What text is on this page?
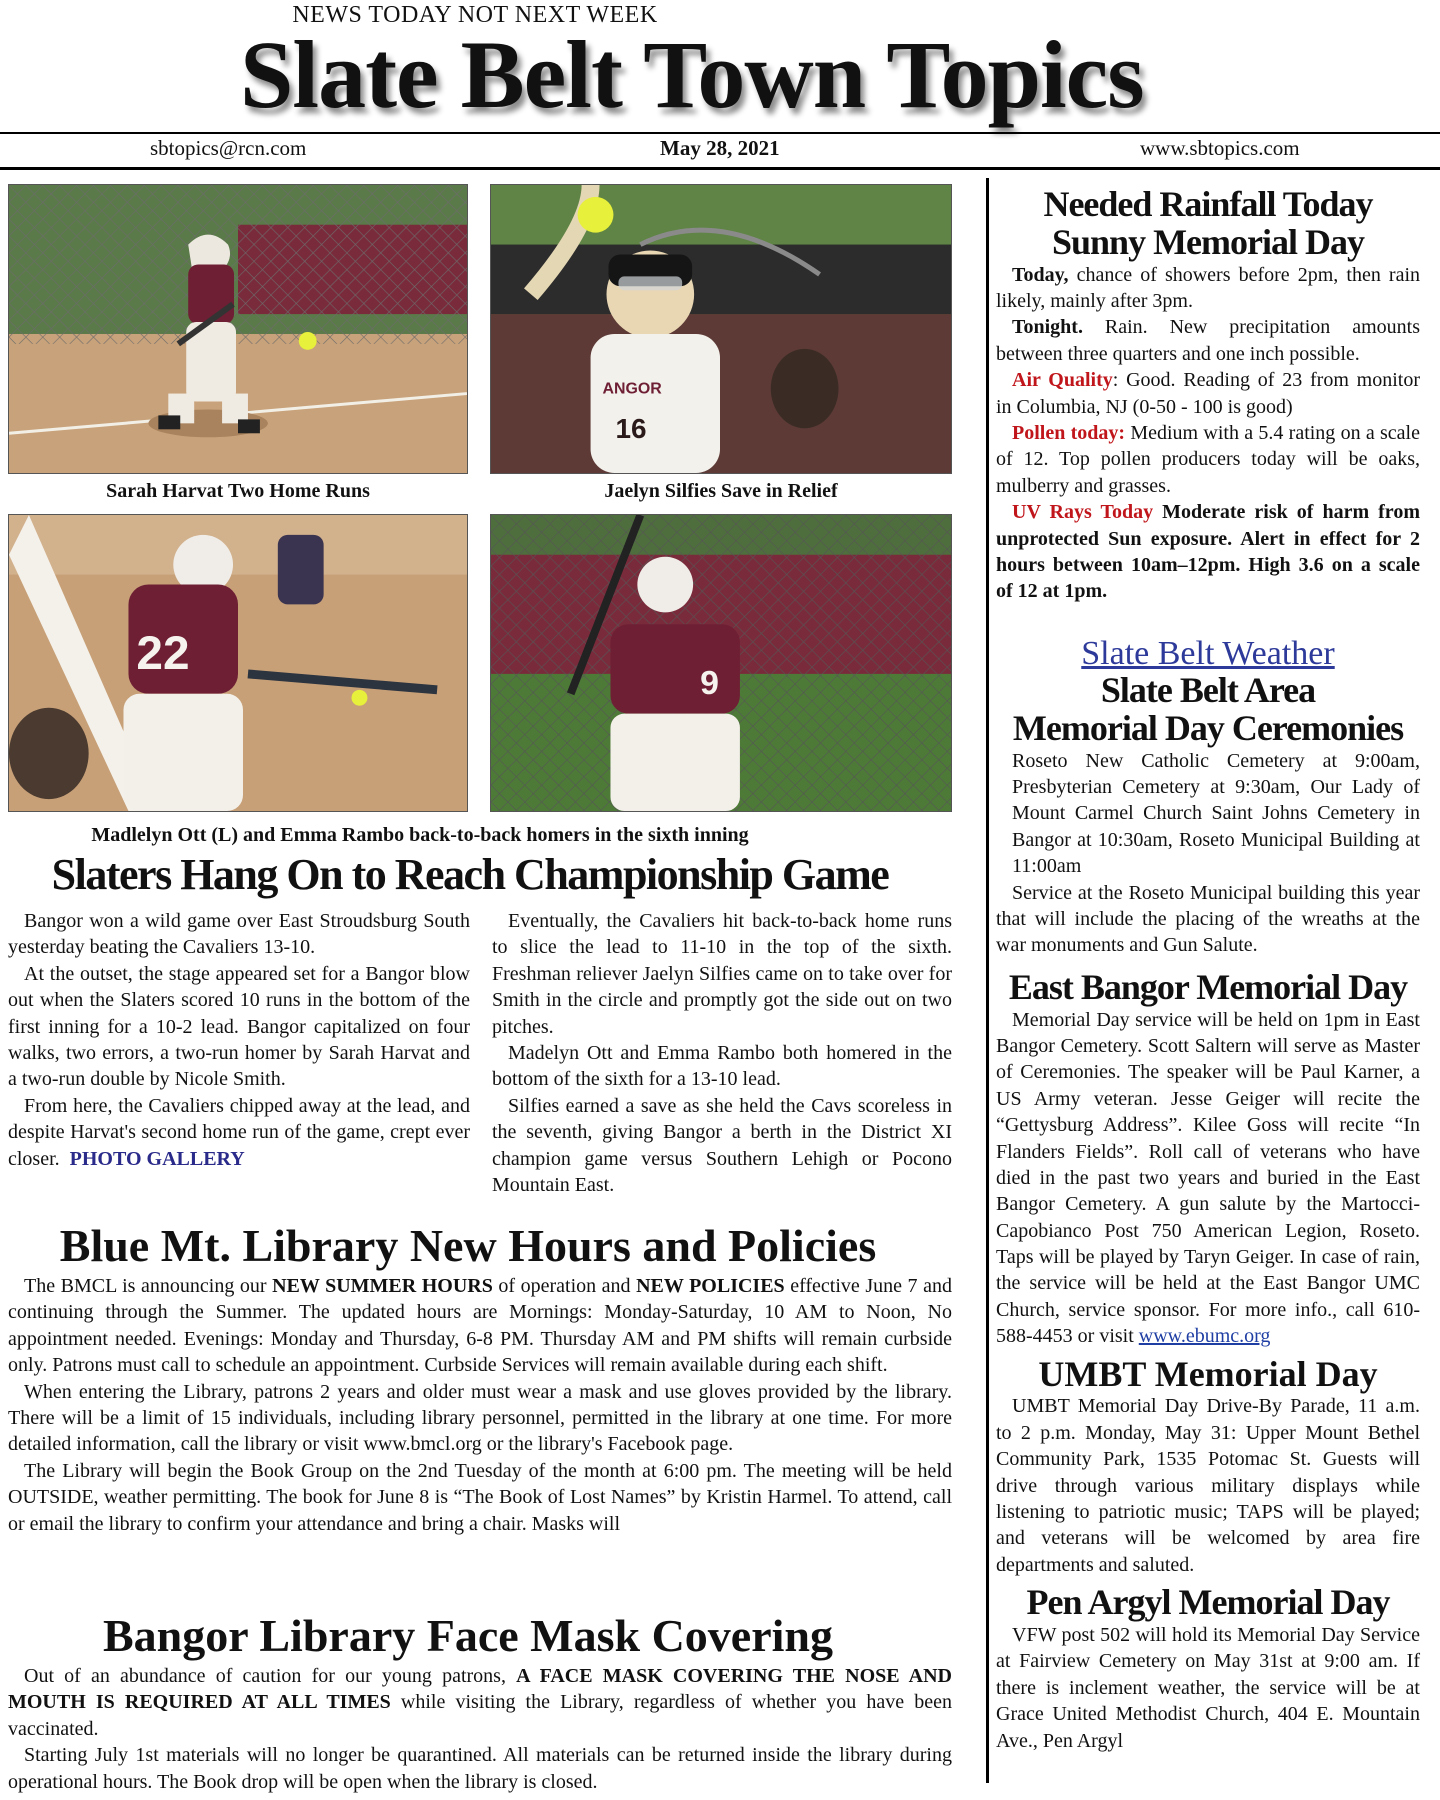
NEWS TODAY NOT NEXT WEEK
Slate Belt Town Topics
sbtopics@rcn.com	May 28, 2021	www.sbtopics.com
Sarah Harvat Two Home Runs
ANGOR
16
Jaelyn Silfies Save in Relief
22
9
Madlelyn Ott (L) and Emma Rambo back-to-back homers in the sixth inning
Slaters Hang On to Reach Championship Game

Bangor won a wild game over East Stroudsburg South yesterday beating the Cavaliers 13-10.

At the outset, the stage appeared set for a Bangor blow out when the Slaters scored 10 runs in the bottom of the first inning for a 10-2 lead. Bangor capitalized on four walks, two errors, a two-run homer by Sarah Harvat and a two-run double by Nicole Smith.

From here, the Cavaliers chipped away at the lead, and despite Harvat's second home run of the game, crept ever closer. PHOTO GALLERY

Eventually, the Cavaliers hit back-to-back home runs to slice the lead to 11-10 in the top of the sixth. Freshman reliever Jaelyn Silfies came on to take over for Smith in the circle and promptly got the side out on two pitches.

Madelyn Ott and Emma Rambo both homered in the bottom of the sixth for a 13-10 lead.

Silfies earned a save as she held the Cavs scoreless in the seventh, giving Bangor a berth in the District XI champion game versus Southern Lehigh or Pocono Mountain East.

Blue Mt. Library New Hours and Policies

The BMCL is announcing our NEW SUMMER HOURS of operation and NEW POLICIES effective June 7 and continuing through the Summer. The updated hours are Mornings: Monday-Saturday, 10 AM to Noon, No appointment needed. Evenings: Monday and Thursday, 6-8 PM. Thursday AM and PM shifts will remain curbside only. Patrons must call to schedule an appointment. Curbside Services will remain available during each shift.

When entering the Library, patrons 2 years and older must wear a mask and use gloves provided by the library. There will be a limit of 15 individuals, including library personnel, permitted in the library at one time. For more detailed information, call the library or visit www.bmcl.org or the library's Facebook page.

The Library will begin the Book Group on the 2nd Tuesday of the month at 6:00 pm. The meeting will be held OUTSIDE, weather permitting. The book for June 8 is “The Book of Lost Names” by Kristin Harmel. To attend, call or email the library to confirm your attendance and bring a chair. Masks will

Bangor Library Face Mask Covering

Out of an abundance of caution for our young patrons, A FACE MASK COVERING THE NOSE AND MOUTH IS REQUIRED AT ALL TIMES while visiting the Library, regardless of whether you have been vaccinated.

Starting July 1st materials will no longer be quarantined. All materials can be returned inside the library during operational hours. The Book drop will be open when the library is closed.

Needed Rainfall Today
Sunny Memorial Day

Today, chance of showers before 2pm, then rain likely, mainly after 3pm.

Tonight. Rain. New precipitation amounts between three quarters and one inch possible.

Air Quality: Good. Reading of 23 from monitor in Columbia, NJ (0-50 - 100 is good)

Pollen today: Medium with a 5.4 rating on a scale of 12. Top pollen producers today will be oaks, mulberry and grasses.

UV Rays Today Moderate risk of harm from unprotected Sun exposure. Alert in effect for 2 hours between 10am–12pm. High 3.6 on a scale of 12 at 1pm.

Slate Belt Weather
Slate Belt Area
Memorial Day Ceremonies

Roseto New Catholic Cemetery at 9:00am, Presbyterian Cemetery at 9:30am, Our Lady of Mount Carmel Church Saint Johns Cemetery in Bangor at 10:30am, Roseto Municipal Building at 11:00am

Service at the Roseto Municipal building this year that will include the placing of the wreaths at the war monuments and Gun Salute.

East Bangor Memorial Day

Memorial Day service will be held on 1pm in East Bangor Cemetery. Scott Saltern will serve as Master of Ceremonies. The speaker will be Paul Karner, a US Army veteran. Jesse Geiger will recite the “Gettysburg Address”. Kilee Goss will recite “In Flanders Fields”. Roll call of veterans who have died in the past two years and buried in the East Bangor Cemetery. A gun salute by the Martocci-Capobianco Post 750 American Legion, Roseto. Taps will be played by Taryn Geiger. In case of rain, the service will be held at the East Bangor UMC Church, service sponsor. For more info., call 610-588-4453 or visit www.ebumc.org

UMBT Memorial Day

UMBT Memorial Day Drive-By Parade, 11 a.m. to 2 p.m. Monday, May 31: Upper Mount Bethel Community Park, 1535 Potomac St. Guests will drive through various military displays while listening to patriotic music; TAPS will be played; and veterans will be welcomed by area fire departments and saluted.

Pen Argyl Memorial Day

VFW post 502 will hold its Memorial Day Service at Fairview Cemetery on May 31st at 9:00 am. If there is inclement weather, the service will be at Grace United Methodist Church, 404 E. Mountain Ave., Pen Argyl
